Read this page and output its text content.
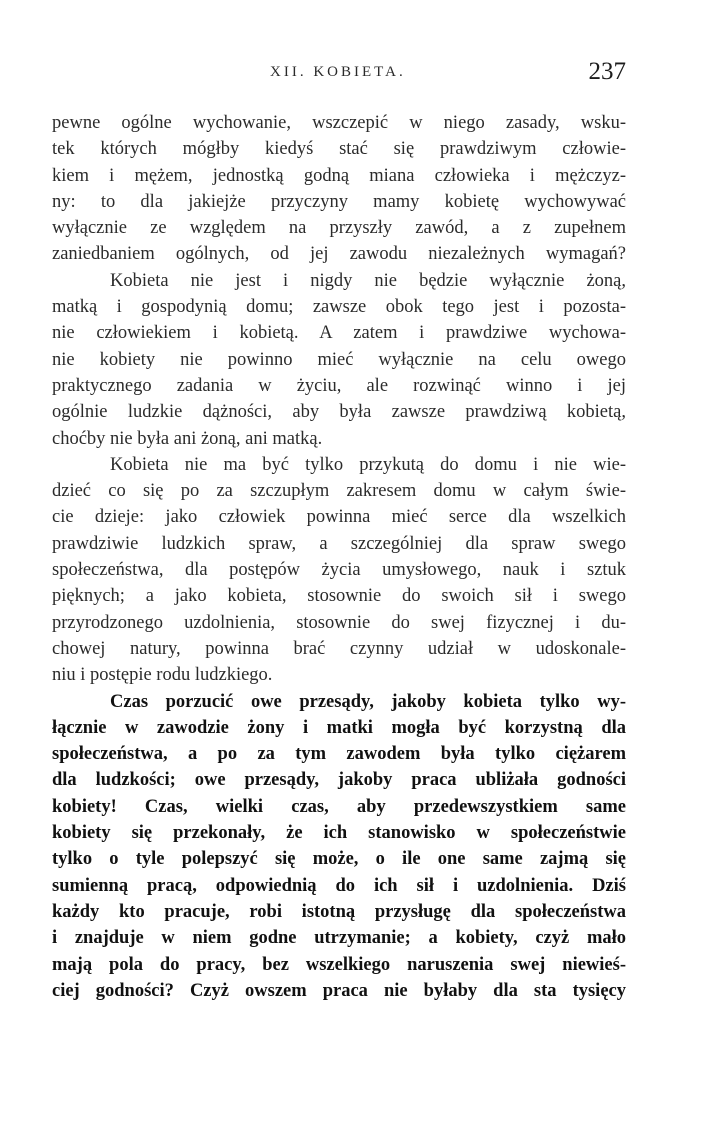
XII. KOBIETA.	237
pewne ogólne wychowanie, wszczepić w niego zasady, wsku-
tek których mógłby kiedyś stać się prawdziwym człowie-
kiem i mężem, jednostką godną miana człowieka i mężczyz-
ny: to dla jakiejże przyczyny mamy kobietę wychowywać
wyłącznie ze względem na przyszły zawód, a z zupełnem
zaniedbaniem ogólnych, od jej zawodu niezależnych wymagań?
Kobieta nie jest i nigdy nie będzie wyłącznie żoną,
matką i gospodynią domu; zawsze obok tego jest i pozosta-
nie człowiekiem i kobietą. A zatem i prawdziwe wychowa-
nie kobiety nie powinno mieć wyłącznie na celu owego
praktycznego zadania w życiu, ale rozwinąć winno i jej
ogólnie ludzkie dążności, aby była zawsze prawdziwą kobietą,
choćby nie była ani żoną, ani matką.
Kobieta nie ma być tylko przykutą do domu i nie wie-
dzieć co się po za szczupłym zakresem domu w całym świe-
cie dzieje: jako człowiek powinna mieć serce dla wszelkich
prawdziwie ludzkich spraw, a szczególniej dla spraw swego
społeczeństwa, dla postępów życia umysłowego, nauk i sztuk
pięknych; a jako kobieta, stosownie do swoich sił i swego
przyrodzonego uzdolnienia, stosownie do swej fizycznej i du-
chowej natury, powinna brać czynny udział w udoskonale-
niu i postępie rodu ludzkiego.
Czas porzucić owe przesądy, jakoby kobieta tylko wy-
łącznie w zawodzie żony i matki mogła być korzystną dla
społeczeństwa, a po za tym zawodem była tylko ciężarem
dla ludzkości; owe przesądy, jakoby praca ubliżała godności
kobiety! Czas, wielki czas, aby przedewszystkiem same
kobiety się przekonały, że ich stanowisko w społeczeństwie
tylko o tyle polepszyć się może, o ile one same zajmą się
sumienną pracą, odpowiednią do ich sił i uzdolnienia. Dziś
każdy kto pracuje, robi istotną przysługę dla społeczeństwa
i znajduje w niem godne utrzymanie; a kobiety, czyż mało
mają pola do pracy, bez wszelkiego naruszenia swej niewieś-
ciej godności? Czyż owszem praca nie byłaby dla sta tysięcy
